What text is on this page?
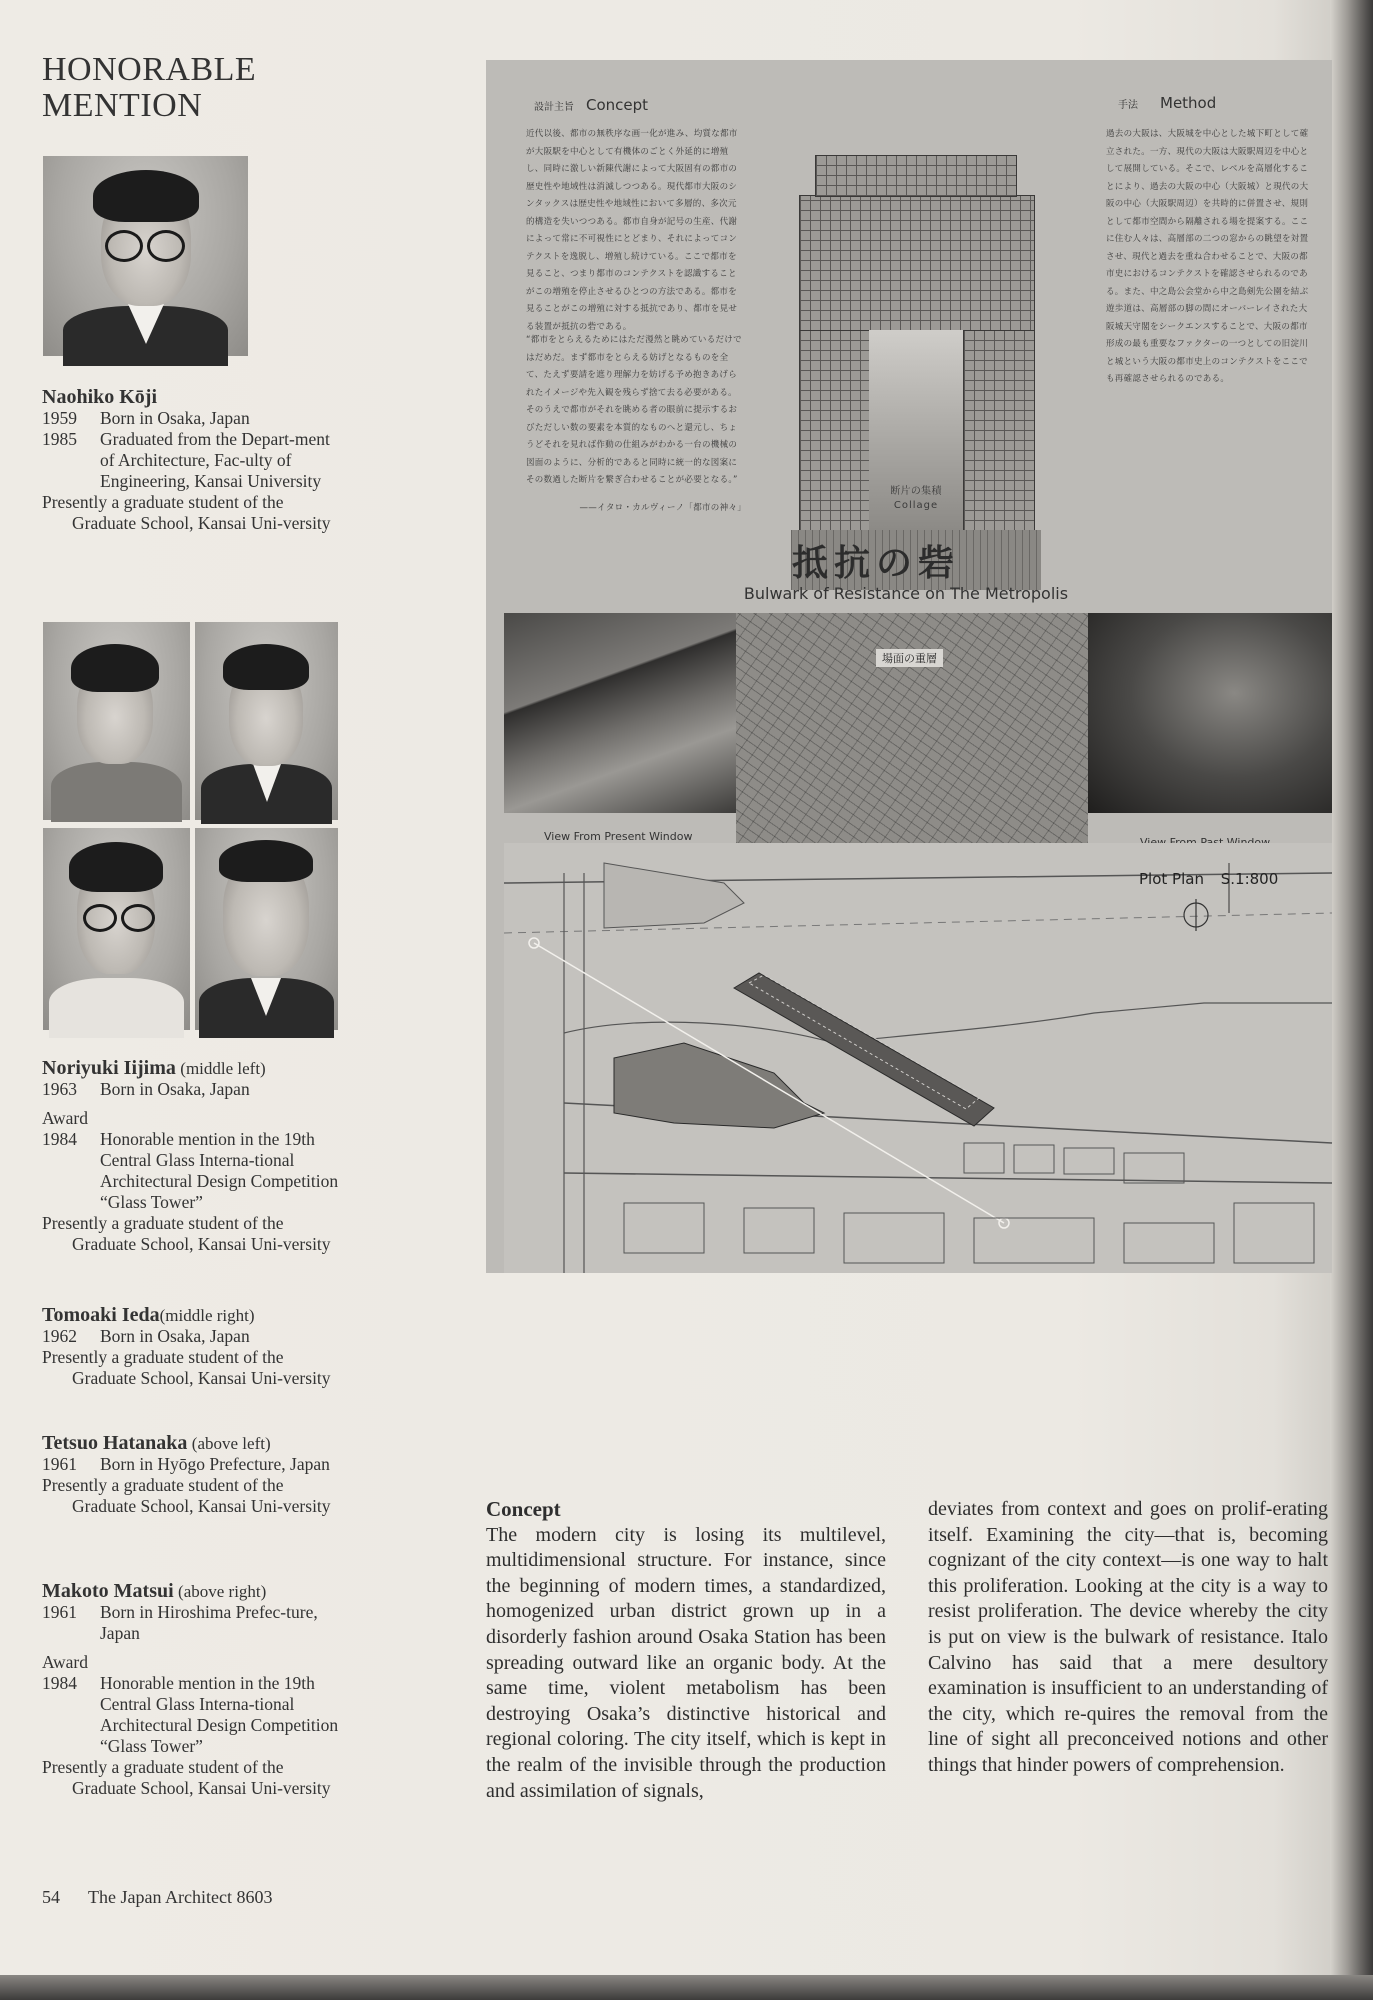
HONORABLE
MENTION
Naohiko Kōji
1959	Born in Osaka, Japan
1985	Graduated from the Depart-ment of Architecture, Fac-ulty of Engineering, Kansai University
Presently a graduate student of the Graduate School, Kansai Uni-versity
Noriyuki Iijima (middle left)
1963	Born in Osaka, Japan
Award
1984	Honorable mention in the 19th Central Glass Interna-tional Architectural Design Competition “Glass Tower”
Presently a graduate student of the Graduate School, Kansai Uni-versity
Tomoaki Ieda(middle right)
1962	Born in Osaka, Japan
Presently a graduate student of the Graduate School, Kansai Uni-versity
Tetsuo Hatanaka (above left)
1961	Born in Hyōgo Prefecture, Japan
Presently a graduate student of the Graduate School, Kansai Uni-versity
Makoto Matsui (above right)
1961	Born in Hiroshima Prefec-ture, Japan
Award
1984	Honorable mention in the 19th Central Glass Interna-tional Architectural Design Competition “Glass Tower”
Presently a graduate student of the Graduate School, Kansai Uni-versity
設計主旨 Concept	手法 Method
近代以後、都市の無秩序な画一化が進み、均質な都市が大阪駅を中心として有機体のごとく外延的に増殖し、同時に激しい新陳代謝によって大阪固有の都市の歴史性や地域性は消滅しつつある。現代都市大阪のシンタックスは歴史性や地域性において多層的、多次元的構造を失いつつある。都市自身が記号の生産、代謝によって常に不可視性にとどまり、それによってコンテクストを逸脱し、増殖し続けている。ここで都市を見ること、つまり都市のコンテクストを認識することがこの増殖を停止させるひとつの方法である。都市を見ることがこの増殖に対する抵抗であり、都市を見せる装置が抵抗の砦である。
“都市をとらえるためにはただ漫然と眺めているだけではだめだ。まず都市をとらえる妨げとなるものを全て、たえず要請を遮り理解力を妨げる予め抱きあげられたイメージや先入観を残らず捨て去る必要がある。そのうえで都市がそれを眺める者の眼前に提示するおびただしい数の要素を本質的なものへと還元し、ちょうどそれを見れば作動の仕組みがわかる一台の機械の図面のように、分析的であると同時に統一的な図案にその数過した断片を繋ぎ合わせることが必要となる。”
——イタロ・カルヴィーノ「都市の神々」
過去の大阪は、大阪城を中心とした城下町として確立された。一方、現代の大阪は大阪駅周辺を中心として展開している。そこで、レベルを高層化することにより、過去の大阪の中心（大阪城）と現代の大阪の中心（大阪駅周辺）を共時的に併置させ、規則として都市空間から隔離される場を提案する。ここに住む人々は、高層部の二つの窓からの眺望を対置させ、現代と過去を重ね合わせることで、大阪の都市史におけるコンテクストを確認させられるのである。また、中之島公会堂から中之島剣先公園を結ぶ遊歩道は、高層部の脚の間にオーバーレイされた大阪城天守閣をシークエンスすることで、大阪の都市形成の最も重要なファクターの一つとしての旧淀川と城という大阪の都市史上のコンテクストをここでも再確認させられるのである。
断片の集積
Collage
抵抗の砦
Bulwark of Resistance on The Metropolis
場面の重層
View From Present Window
Plot Plan S.1:800
Concept
The modern city is losing its multilevel, multidimensional structure. For instance, since the beginning of modern times, a standardized, homogenized urban district grown up in a disorderly fashion around Osaka Station has been spreading outward like an organic body. At the same time, violent metabolism has been destroying Osaka’s distinctive historical and regional coloring. The city itself, which is kept in the realm of the invisible through the production and assimilation of signals,
deviates from context and goes on prolif-erating itself. Examining the city—that is, becoming cognizant of the city context—is one way to halt this proliferation. Looking at the city is a way to resist proliferation. The device whereby the city is put on view is the bulwark of resistance. Italo Calvino has said that a mere desultory examination is insufficient to an understanding of the city, which re-quires the removal from the line of sight all preconceived notions and other things that hinder powers of comprehension.
54 The Japan Architect 8603
